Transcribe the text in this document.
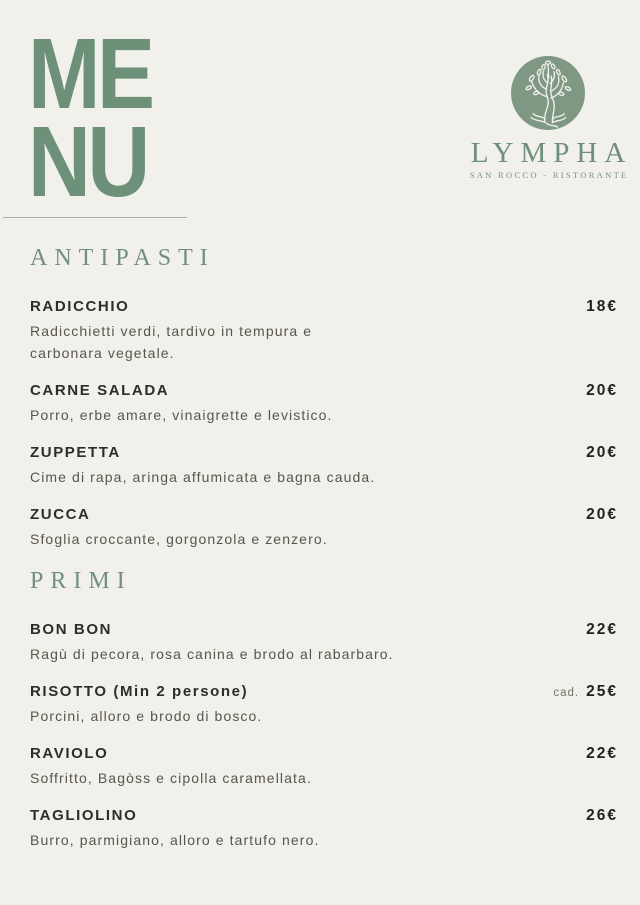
ME
NU	LYMPHA
SAN ROCCO - RISTORANTE
ANTIPASTI
RADICCHIO	18€
Radicchietti verdi, tardivo in tempura e
carbonara vegetale.
CARNE SALADA	20€
Porro, erbe amare, vinaigrette e levistico.
ZUPPETTA	20€
Cime di rapa, aringa affumicata e bagna cauda.
ZUCCA	20€
Sfoglia croccante, gorgonzola e zenzero.
PRIMI
BON BON	22€
Ragù di pecora, rosa canina e brodo al rabarbaro.
RISOTTO (Min 2 persone)	cad. 25€
Porcini, alloro e brodo di bosco.
RAVIOLO	22€
Soffritto, Bagòss e cipolla caramellata.
TAGLIOLINO	26€
Burro, parmigiano, alloro e tartufo nero.
